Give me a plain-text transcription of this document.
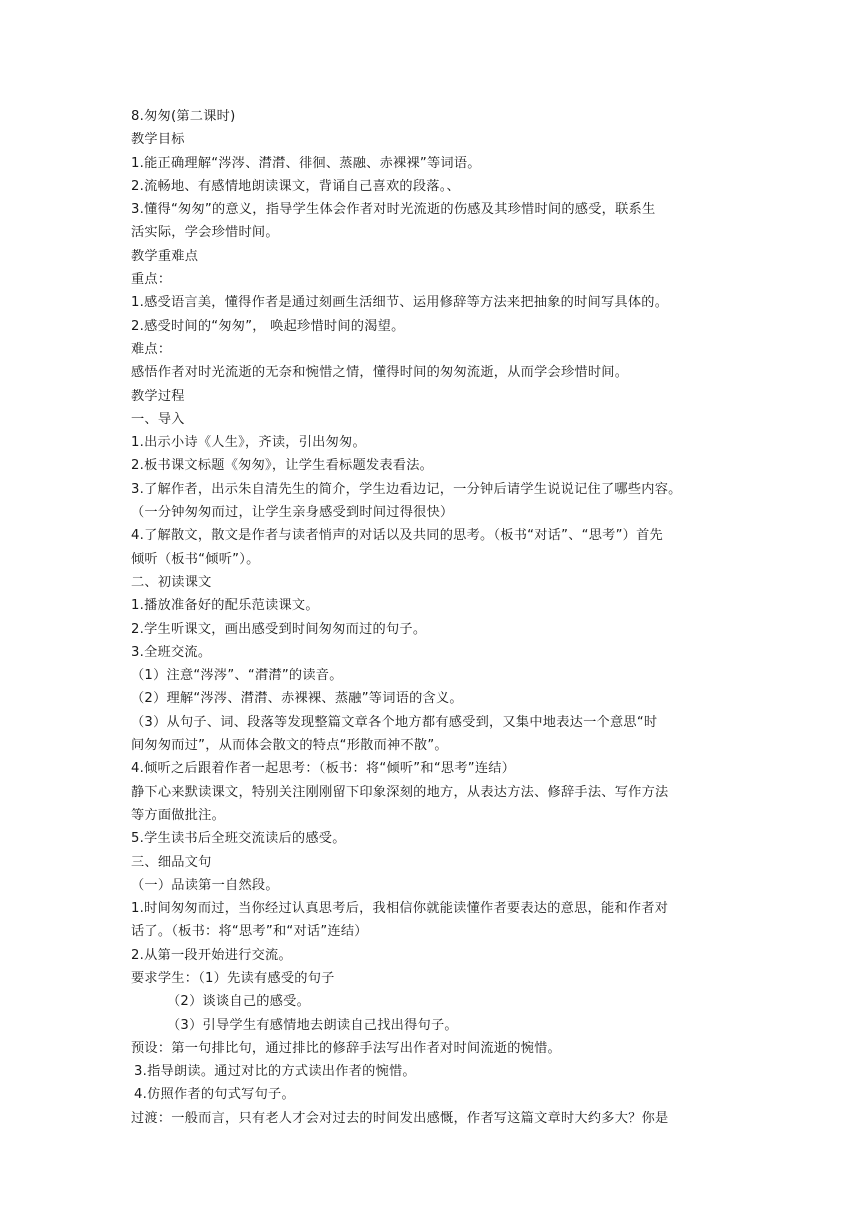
8.匆匆(第二课时)

教学目标

1.能正确理解“涔涔、潸潸、徘徊、蒸融、赤裸裸”等词语。

2.流畅地、有感情地朗读课文，背诵自己喜欢的段落。、

3.懂得“匆匆”的意义，指导学生体会作者对时光流逝的伤感及其珍惜时间的感受，联系生

活实际，学会珍惜时间。

教学重难点

重点：

1.感受语言美，懂得作者是通过刻画生活细节、运用修辞等方法来把抽象的时间写具体的。

2.感受时间的“匆匆”， 唤起珍惜时间的渴望。

难点：

感悟作者对时光流逝的无奈和惋惜之情，懂得时间的匆匆流逝，从而学会珍惜时间。

教学过程

一、导入

1.出示小诗《人生》，齐读，引出匆匆。

2.板书课文标题《匆匆》，让学生看标题发表看法。

3.了解作者，出示朱自清先生的简介，学生边看边记，一分钟后请学生说说记住了哪些内容。

（一分钟匆匆而过，让学生亲身感受到时间过得很快）

4.了解散文，散文是作者与读者悄声的对话以及共同的思考。（板书“对话”、“思考”）首先

倾听（板书“倾听”）。

二、初读课文

1.播放准备好的配乐范读课文。

2.学生听课文，画出感受到时间匆匆而过的句子。

3.全班交流。

（1）注意“涔涔”、“潸潸”的读音。

（2）理解“涔涔、潸潸、赤裸裸、蒸融”等词语的含义。

（3）从句子、词、段落等发现整篇文章各个地方都有感受到，又集中地表达一个意思“时

间匆匆而过”，从而体会散文的特点“形散而神不散”。

4.倾听之后跟着作者一起思考：（板书：将“倾听”和“思考”连结）

静下心来默读课文，特别关注刚刚留下印象深刻的地方，从表达方法、修辞手法、写作方法

等方面做批注。

5.学生读书后全班交流读后的感受。

三、细品文句

（一）品读第一自然段。

1.时间匆匆而过，当你经过认真思考后，我相信你就能读懂作者要表达的意思，能和作者对

话了。（板书：将“思考”和“对话”连结）

2.从第一段开始进行交流。

要求学生：（1）先读有感受的句子

（2）谈谈自己的感受。

（3）引导学生有感情地去朗读自己找出得句子。

预设：第一句排比句，通过排比的修辞手法写出作者对时间流逝的惋惜。

3.指导朗读。通过对比的方式读出作者的惋惜。

4.仿照作者的句式写句子。

过渡：一般而言，只有老人才会对过去的时间发出感慨，作者写这篇文章时大约多大？你是
